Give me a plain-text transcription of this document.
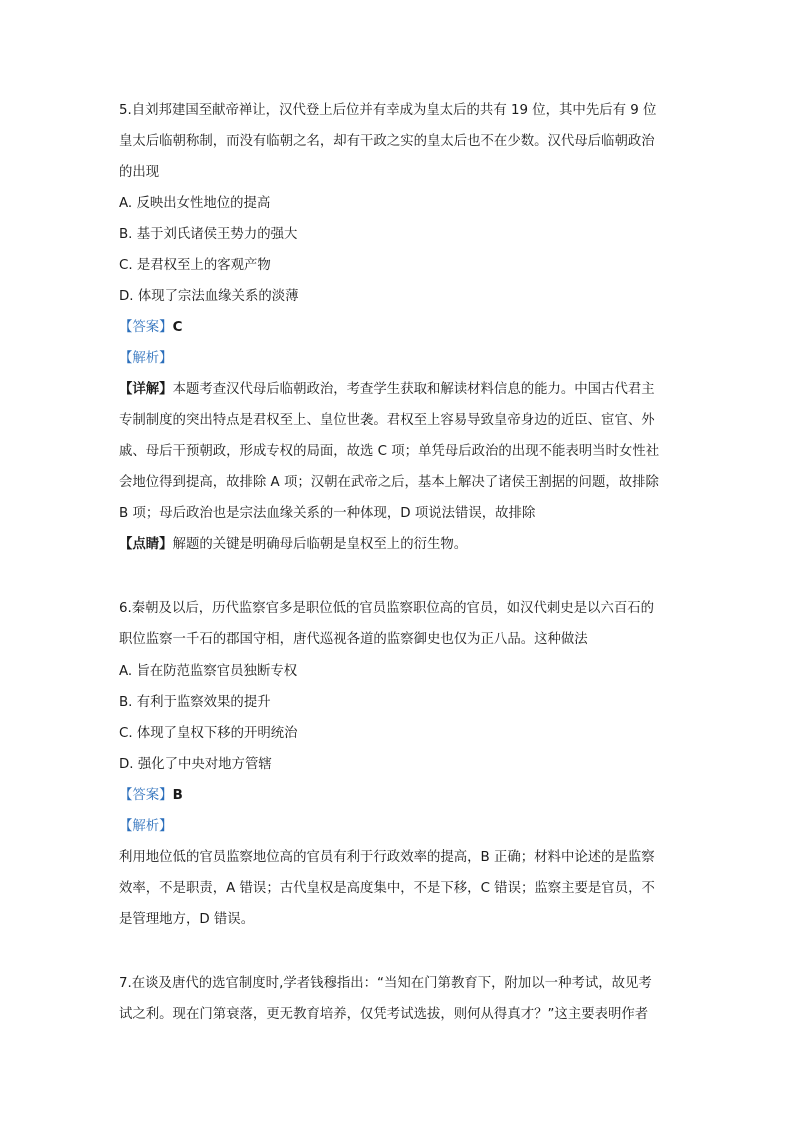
5.自刘邦建国至献帝禅让，汉代登上后位并有幸成为皇太后的共有 19 位，其中先后有 9 位
皇太后临朝称制，而没有临朝之名，却有干政之实的皇太后也不在少数。汉代母后临朝政治
的出现
A. 反映出女性地位的提高
B. 基于刘氏诸侯王势力的强大
C. 是君权至上的客观产物
D. 体现了宗法血缘关系的淡薄
【答案】C
【解析】
【详解】本题考查汉代母后临朝政治，考查学生获取和解读材料信息的能力。中国古代君主
专制制度的突出特点是君权至上、皇位世袭。君权至上容易导致皇帝身边的近臣、宦官、外
戚、母后干预朝政，形成专权的局面，故选 C 项；单凭母后政治的出现不能表明当时女性社
会地位得到提高，故排除 A 项；汉朝在武帝之后，基本上解决了诸侯王割据的问题，故排除
B 项；母后政治也是宗法血缘关系的一种体现，D 项说法错误，故排除
【点睛】解题的关键是明确母后临朝是皇权至上的衍生物。
6.秦朝及以后，历代监察官多是职位低的官员监察职位高的官员，如汉代刺史是以六百石的
职位监察一千石的郡国守相，唐代巡视各道的监察御史也仅为正八品。这种做法
A. 旨在防范监察官员独断专权
B. 有利于监察效果的提升
C. 体现了皇权下移的开明统治
D. 强化了中央对地方管辖
【答案】B
【解析】
利用地位低的官员监察地位高的官员有利于行政效率的提高，B 正确；材料中论述的是监察
效率，不是职责，A 错误；古代皇权是高度集中，不是下移，C 错误；监察主要是官员，不
是管理地方，D 错误。
7.在谈及唐代的选官制度时,学者钱穆指出：“当知在门第教育下，附加以一种考试，故见考
试之利。现在门第衰落，更无教育培养，仅凭考试选拔，则何从得真才？”这主要表明作者
